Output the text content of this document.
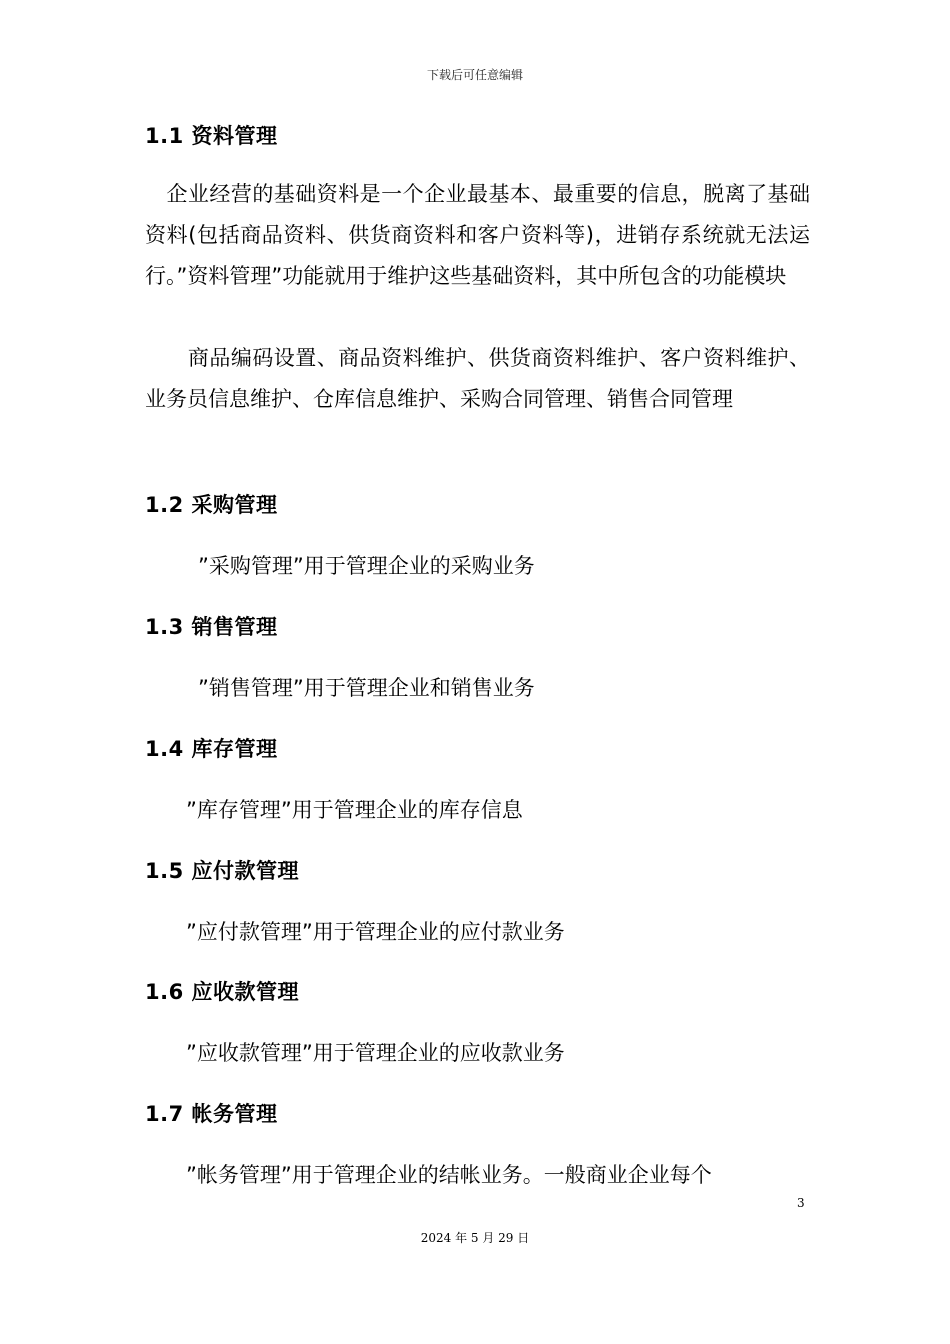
下载后可任意编辑
1.1 资料管理
　企业经营的基础资料是一个企业最基本、最重要的信息，脱离了基础资料(包括商品资料、供货商资料和客户资料等)，进销存系统就无法运行。”资料管理”功能就用于维护这些基础资料，其中所包含的功能模块
　　商品编码设置、商品资料维护、供货商资料维护、客户资料维护、业务员信息维护、仓库信息维护、采购合同管理、销售合同管理
1.2 采购管理
”采购管理”用于管理企业的采购业务
1.3 销售管理
”销售管理”用于管理企业和销售业务
1.4 库存管理
”库存管理”用于管理企业的库存信息
1.5 应付款管理
”应付款管理”用于管理企业的应付款业务
1.6 应收款管理
”应收款管理”用于管理企业的应收款业务
1.7 帐务管理
”帐务管理”用于管理企业的结帐业务。一般商业企业每个
3
2024 年 5 月 29 日
